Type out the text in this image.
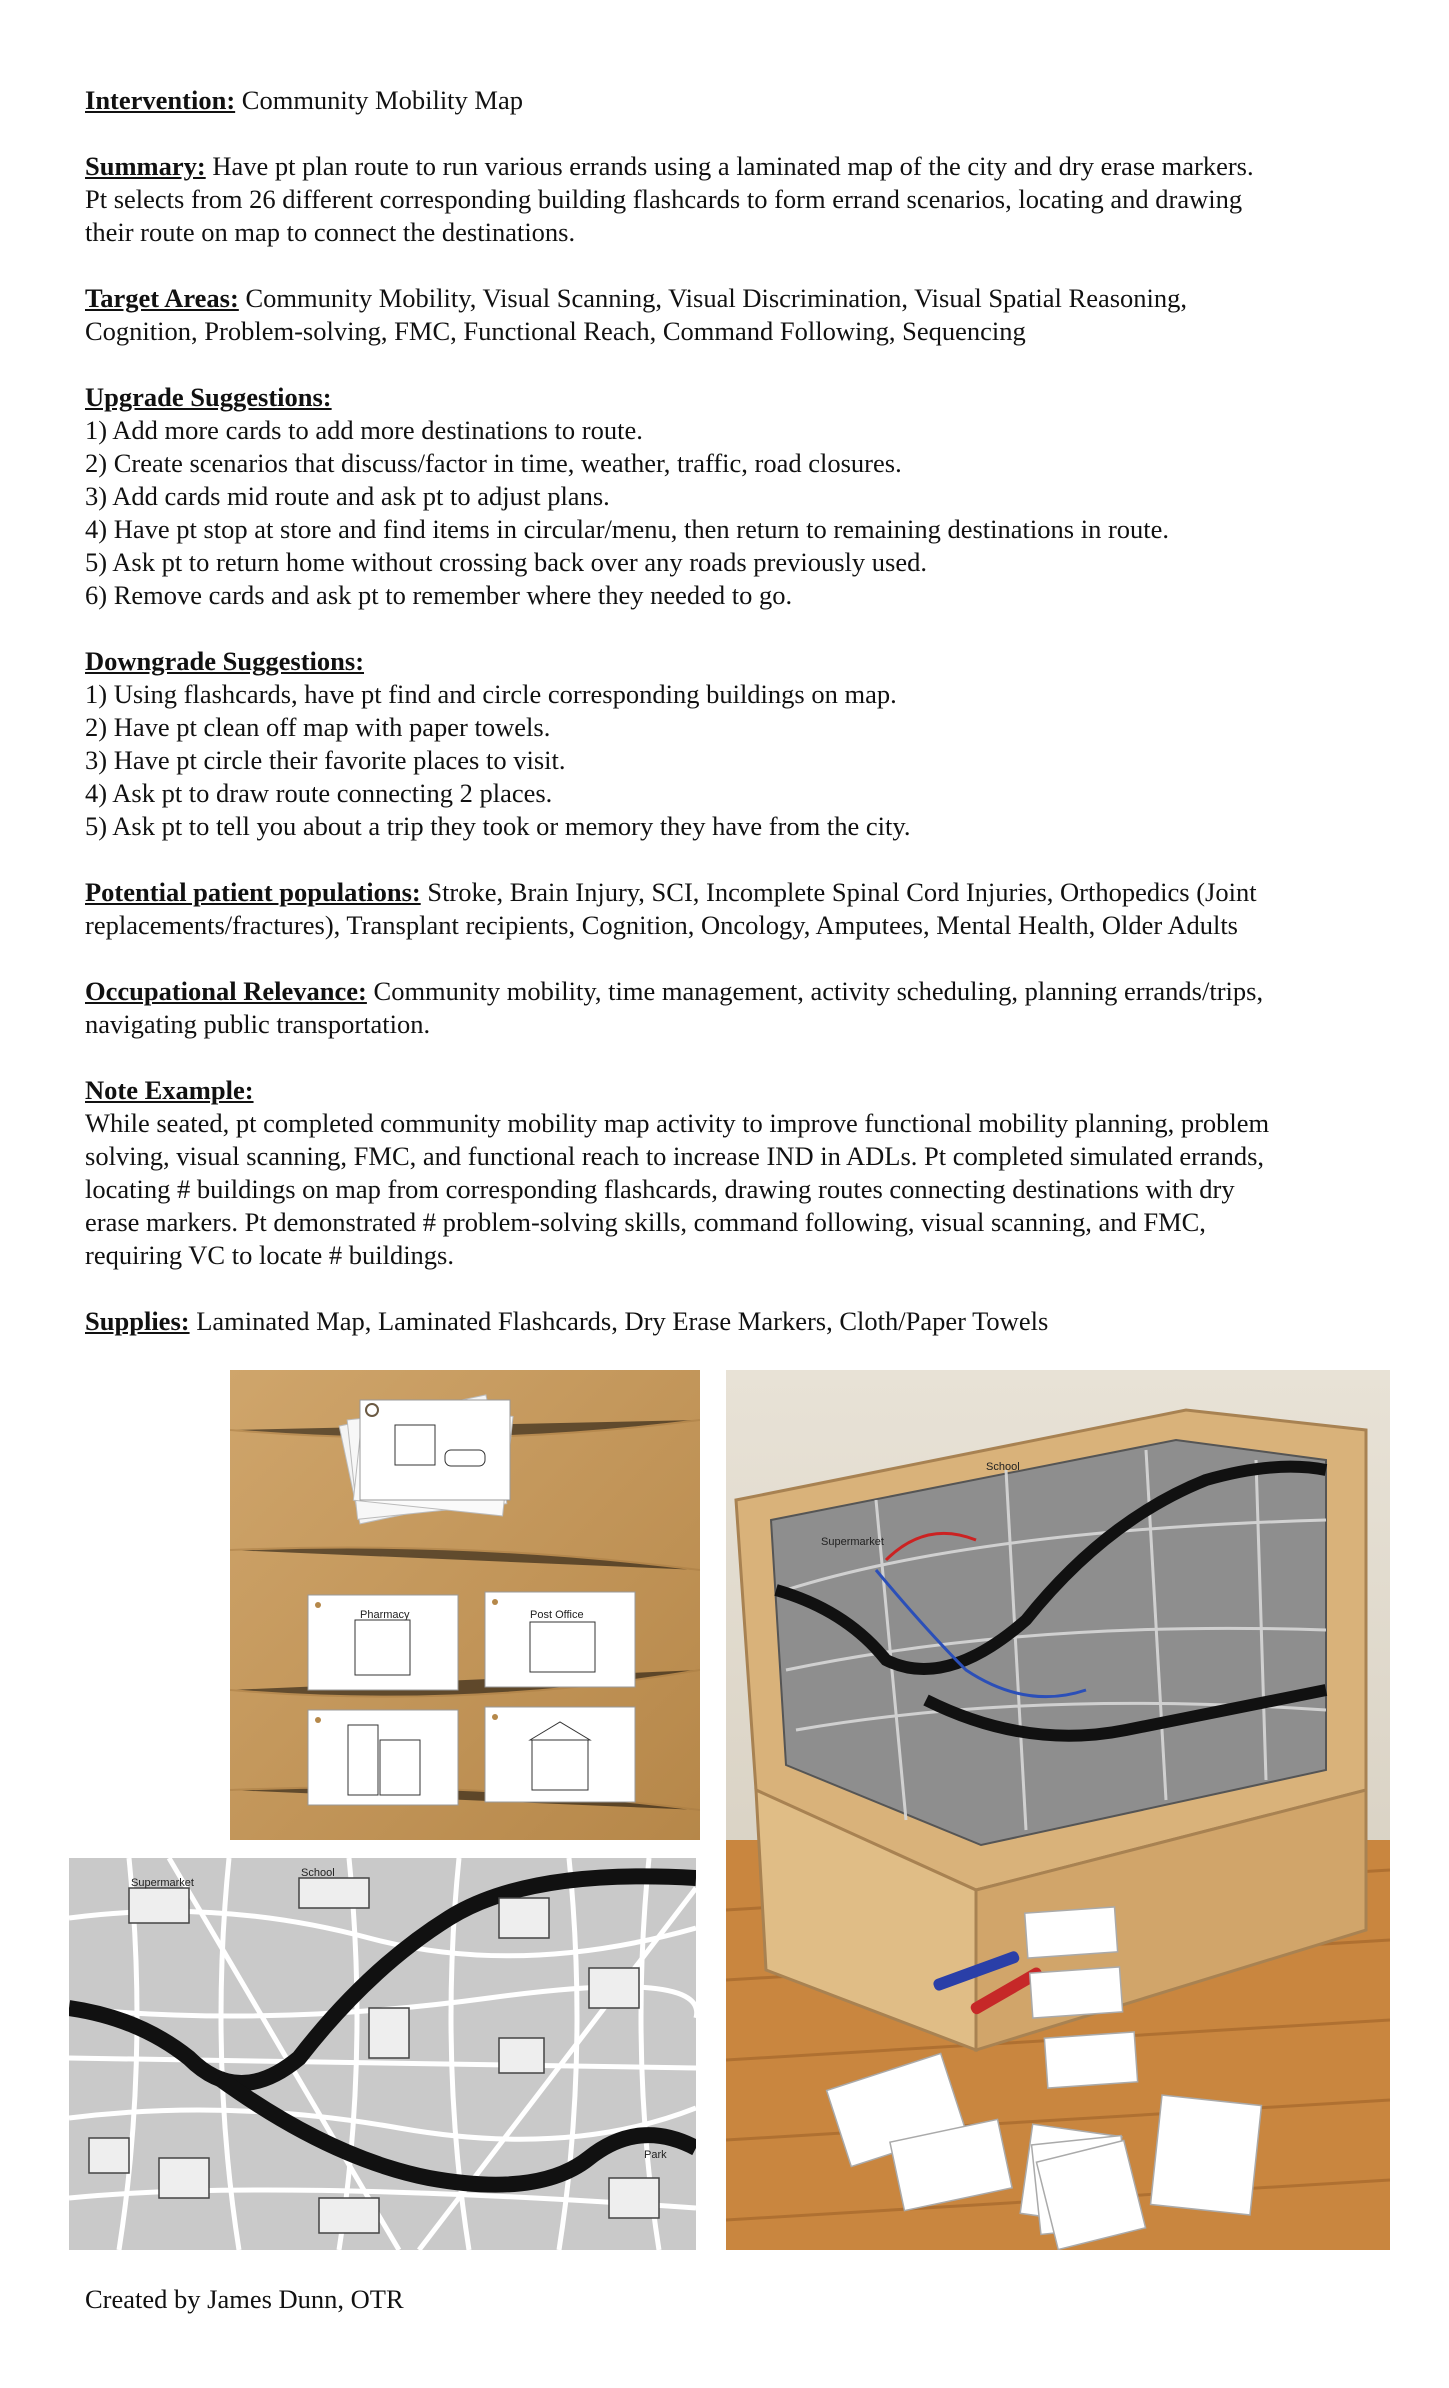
Intervention: Community Mobility Map
Summary: Have pt plan route to run various errands using a laminated map of the city and dry erase markers.
Pt selects from 26 different corresponding building flashcards to form errand scenarios, locating and drawing
their route on map to connect the destinations.
Target Areas: Community Mobility, Visual Scanning, Visual Discrimination, Visual Spatial Reasoning,
Cognition, Problem-solving, FMC, Functional Reach, Command Following, Sequencing
Upgrade Suggestions:
1) Add more cards to add more destinations to route.
2) Create scenarios that discuss/factor in time, weather, traffic, road closures.
3) Add cards mid route and ask pt to adjust plans.
4) Have pt stop at store and find items in circular/menu, then return to remaining destinations in route.
5) Ask pt to return home without crossing back over any roads previously used.
6) Remove cards and ask pt to remember where they needed to go.
Downgrade Suggestions:
1) Using flashcards, have pt find and circle corresponding buildings on map.
2) Have pt clean off map with paper towels.
3) Have pt circle their favorite places to visit.
4) Ask pt to draw route connecting 2 places.
5) Ask pt to tell you about a trip they took or memory they have from the city.
Potential patient populations: Stroke, Brain Injury, SCI, Incomplete Spinal Cord Injuries, Orthopedics (Joint
replacements/fractures), Transplant recipients, Cognition, Oncology, Amputees, Mental Health, Older Adults
Occupational Relevance: Community mobility, time management, activity scheduling, planning errands/trips,
navigating public transportation.
Note Example:
While seated, pt completed community mobility map activity to improve functional mobility planning, problem
solving, visual scanning, FMC, and functional reach to increase IND in ADLs. Pt completed simulated errands,
locating # buildings on map from corresponding flashcards, drawing routes connecting destinations with dry
erase markers. Pt demonstrated # problem-solving skills, command following, visual scanning, and FMC,
requiring VC to locate # buildings.
Supplies: Laminated Map, Laminated Flashcards, Dry Erase Markers, Cloth/Paper Towels
Pharmacy	Post Office
Supermarket
School
Park
School
Supermarket
Created by James Dunn, OTR
